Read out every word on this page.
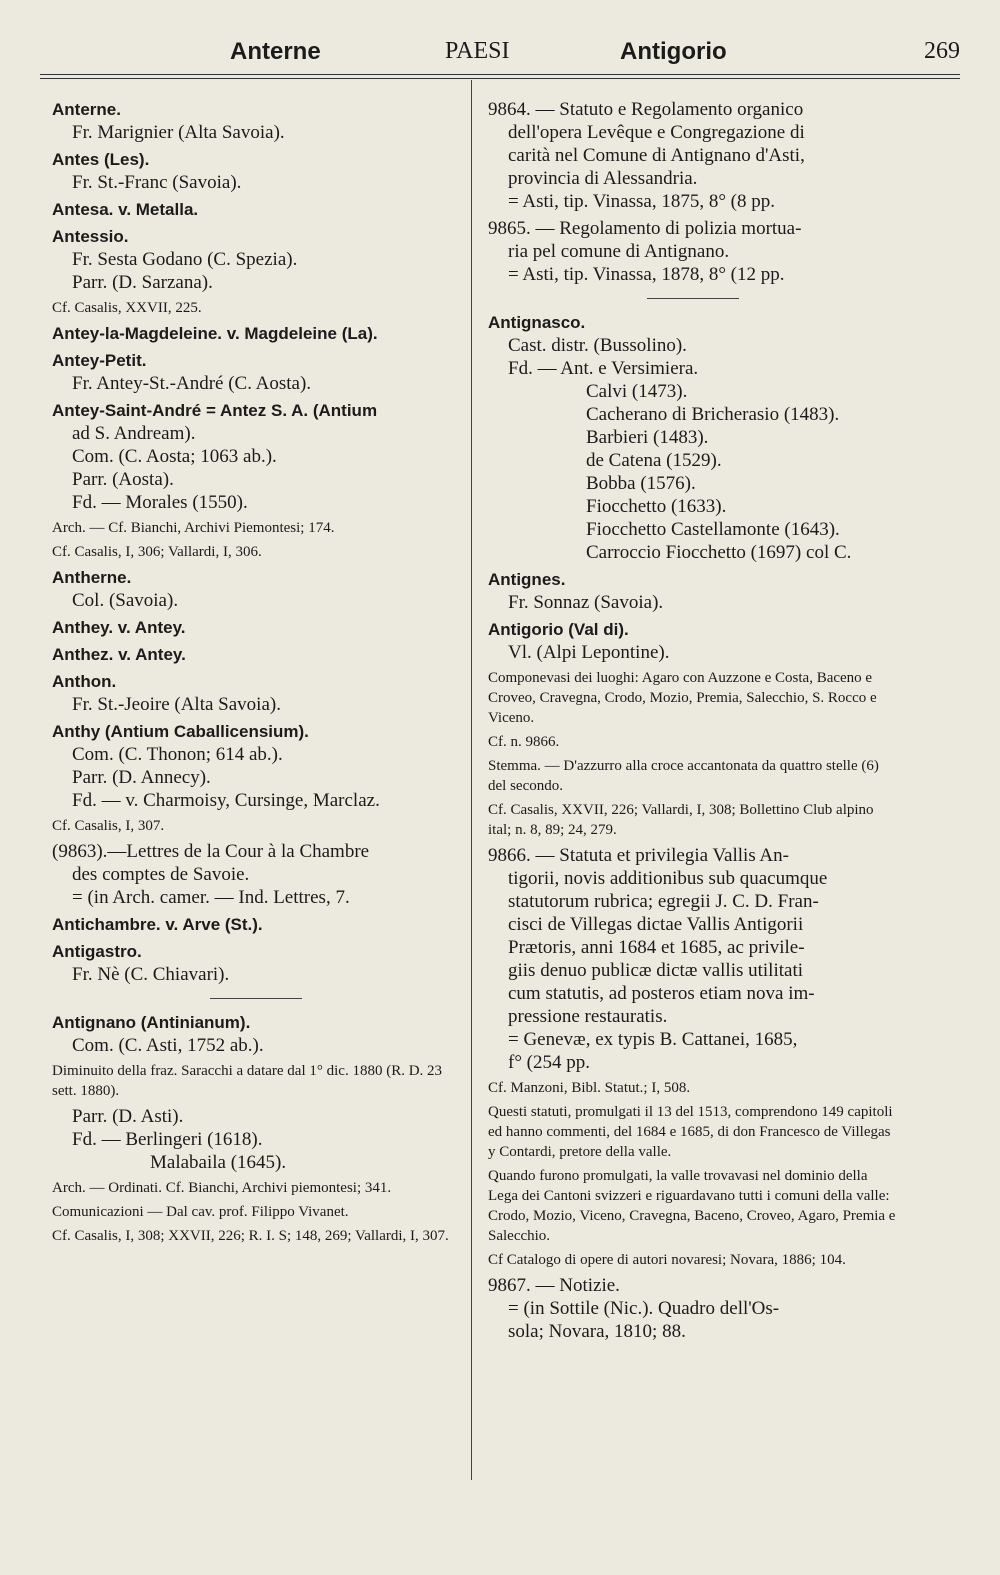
Anterne	PAESI	Antigorio	269
Anterne.
Fr. Marignier (Alta Savoia).
Antes (Les).
Fr. St.-Franc (Savoia).
Antesa. v. Metalla.
Antessio.
Fr. Sesta Godano (C. Spezia).
Parr. (D. Sarzana).
Cf. Casalis, XXVII, 225.
Antey-la-Magdeleine. v. Magdeleine (La).
Antey-Petit.
Fr. Antey-St.-André (C. Aosta).
Antey-Saint-André = Antez S. A. (Antium
ad S. Andream).
Com. (C. Aosta; 1063 ab.).
Parr. (Aosta).
Fd. — Morales (1550).
Arch. — Cf. Bianchi, Archivi Piemontesi; 174.
Cf. Casalis, I, 306; Vallardi, I, 306.
Antherne.
Col. (Savoia).
Anthey. v. Antey.
Anthez. v. Antey.
Anthon.
Fr. St.-Jeoire (Alta Savoia).
Anthy (Antium Caballicensium).
Com. (C. Thonon; 614 ab.).
Parr. (D. Annecy).
Fd. — v. Charmoisy, Cursinge, Marclaz.
Cf. Casalis, I, 307.
(9863).—Lettres de la Cour à la Chambre
des comptes de Savoie.
= (in Arch. camer. — Ind. Lettres, 7.
Antichambre. v. Arve (St.).
Antigastro.
Fr. Nè (C. Chiavari).
Antignano (Antinianum).
Com. (C. Asti, 1752 ab.).
Diminuito della fraz. Saracchi a datare dal 1° dic. 1880 (R. D. 23 sett. 1880).
Parr. (D. Asti).
Fd. — Berlingeri (1618).
Malabaila (1645).
Arch. — Ordinati. Cf. Bianchi, Archivi piemontesi; 341.
Comunicazioni — Dal cav. prof. Filippo Vivanet.
Cf. Casalis, I, 308; XXVII, 226; R. I. S; 148, 269; Vallardi, I, 307.
9864. — Statuto e Regolamento organico
dell'opera Levêque e Congregazione di
carità nel Comune di Antignano d'Asti,
provincia di Alessandria.
= Asti, tip. Vinassa, 1875, 8° (8 pp.
9865. — Regolamento di polizia mortua-
ria pel comune di Antignano.
= Asti, tip. Vinassa, 1878, 8° (12 pp.
Antignasco.
Cast. distr. (Bussolino).
Fd. — Ant. e Versimiera.
Calvi (1473).
Cacherano di Bricherasio (1483).
Barbieri (1483).
de Catena (1529).
Bobba (1576).
Fiocchetto (1633).
Fiocchetto Castellamonte (1643).
Carroccio Fiocchetto (1697) col C.
Antignes.
Fr. Sonnaz (Savoia).
Antigorio (Val di).
Vl. (Alpi Lepontine).
Componevasi dei luoghi: Agaro con Auzzone e Costa, Baceno e Croveo, Cravegna, Crodo, Mozio, Premia, Salecchio, S. Rocco e Viceno.
Cf. n. 9866.
Stemma. — D'azzurro alla croce accantonata da quattro stelle (6) del secondo.
Cf. Casalis, XXVII, 226; Vallardi, I, 308; Bollettino Club alpino ital; n. 8, 89; 24, 279.
9866. — Statuta et privilegia Vallis An-
tigorii, novis additionibus sub quacumque
statutorum rubrica; egregii J. C. D. Fran-
cisci de Villegas dictae Vallis Antigorii
Prætoris, anni 1684 et 1685, ac privile-
giis denuo publicæ dictæ vallis utilitati
cum statutis, ad posteros etiam nova im-
pressione restauratis.
= Genevæ, ex typis B. Cattanei, 1685,
f° (254 pp.
Cf. Manzoni, Bibl. Statut.; I, 508.
Questi statuti, promulgati il 13 del 1513, comprendono 149 capitoli ed hanno commenti, del 1684 e 1685, di don Francesco de Villegas y Contardi, pretore della valle.
Quando furono promulgati, la valle trovavasi nel dominio della Lega dei Cantoni svizzeri e riguardavano tutti i comuni della valle: Crodo, Mozio, Viceno, Cravegna, Baceno, Croveo, Agaro, Premia e Salecchio.
Cf Catalogo di opere di autori novaresi; Novara, 1886; 104.
9867. — Notizie.
= (in Sottile (Nic.). Quadro dell'Os-
sola; Novara, 1810; 88.
